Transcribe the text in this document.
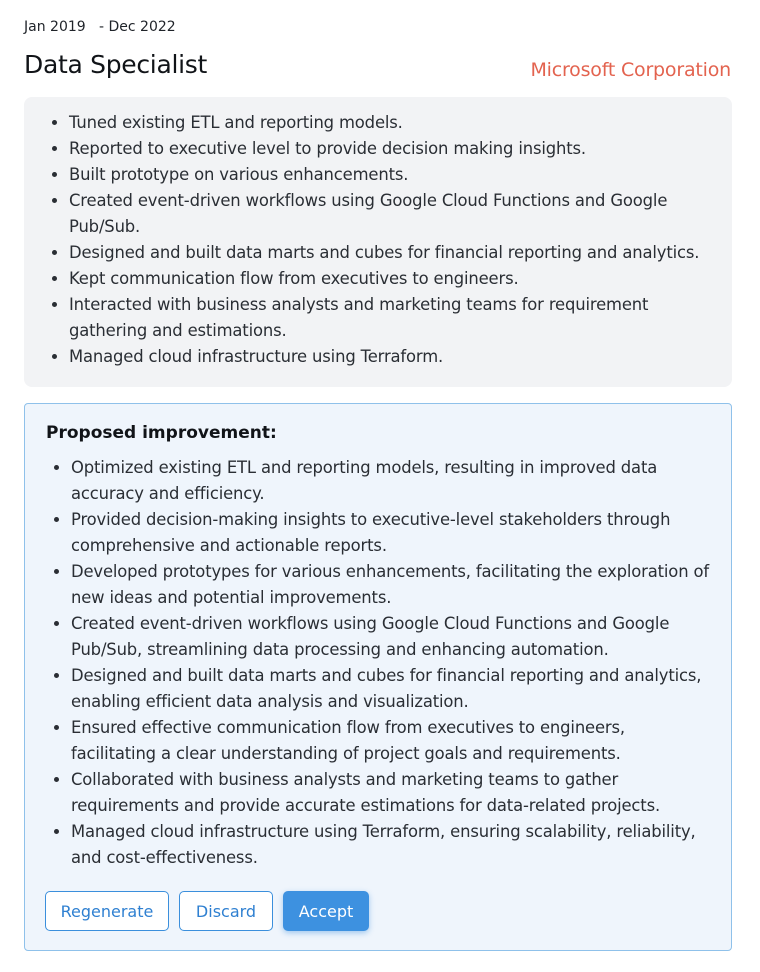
Jan 2019   - Dec 2022
Data Specialist	Microsoft Corporation
• Tuned existing ETL and reporting models.
• Reported to executive level to provide decision making insights.
• Built prototype on various enhancements.
• Created event-driven workflows using Google Cloud Functions and Google Pub/Sub.
• Designed and built data marts and cubes for financial reporting and analytics.
• Kept communication flow from executives to engineers.
• Interacted with business analysts and marketing teams for requirement gathering and estimations.
• Managed cloud infrastructure using Terraform.
Proposed improvement:
• Optimized existing ETL and reporting models, resulting in improved data accuracy and efficiency.
• Provided decision-making insights to executive-level stakeholders through comprehensive and actionable reports.
• Developed prototypes for various enhancements, facilitating the exploration of new ideas and potential improvements.
• Created event-driven workflows using Google Cloud Functions and Google Pub/Sub, streamlining data processing and enhancing automation.
• Designed and built data marts and cubes for financial reporting and analytics, enabling efficient data analysis and visualization.
• Ensured effective communication flow from executives to engineers, facilitating a clear understanding of project goals and requirements.
• Collaborated with business analysts and marketing teams to gather requirements and provide accurate estimations for data-related projects.
• Managed cloud infrastructure using Terraform, ensuring scalability, reliability, and cost-effectiveness.
Regenerate	Discard	Accept
